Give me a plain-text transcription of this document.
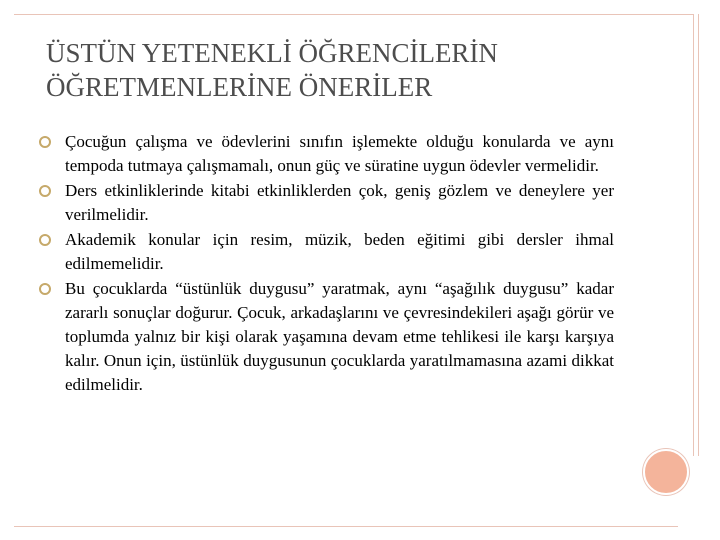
ÜSTÜN YETENEKLİ ÖĞRENCİLERİN
ÖĞRETMENLERİNE ÖNERİLER
Çocuğun çalışma ve ödevlerini sınıfın işlemekte olduğu konularda ve aynı tempoda tutmaya çalışmamalı, onun güç ve süratine uygun ödevler vermelidir.
Ders etkinliklerinde kitabi etkinliklerden çok, geniş gözlem ve deneylere yer verilmelidir.
Akademik konular için resim, müzik, beden eğitimi gibi dersler ihmal edilmemelidir.
Bu çocuklarda “üstünlük duygusu” yaratmak, aynı “aşağılık duygusu” kadar zararlı sonuçlar doğurur. Çocuk, arkadaşlarını ve çevresindekileri aşağı görür ve toplumda yalnız bir kişi olarak yaşamına devam etme tehlikesi ile karşı karşıya kalır. Onun için, üstünlük duygusunun çocuklarda yaratılmamasına azami dikkat edilmelidir.
